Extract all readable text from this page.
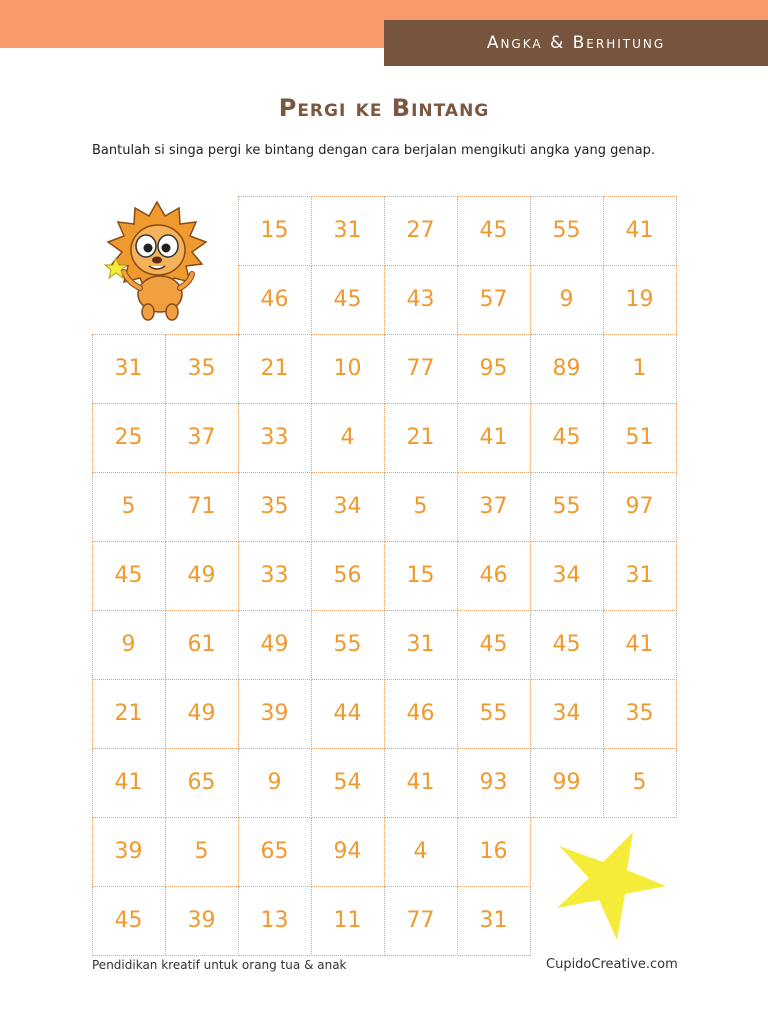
Angka & Berhitung
Pergi ke Bintang
Bantulah si singa pergi ke bintang dengan cara berjalan mengikuti angka yang genap.
15	31	27	45	55	41
46	45	43	57	9	19
31	35	21	10	77	95	89	1
25	37	33	4	21	41	45	51
5	71	35	34	5	37	55	97
45	49	33	56	15	46	34	31
9	61	49	55	31	45	45	41
21	49	39	44	46	55	34	35
41	65	9	54	41	93	99	5
39	5	65	94	4	16
45	39	13	11	77	31
Pendidikan kreatif untuk orang tua & anak	CupidoCreative.com
